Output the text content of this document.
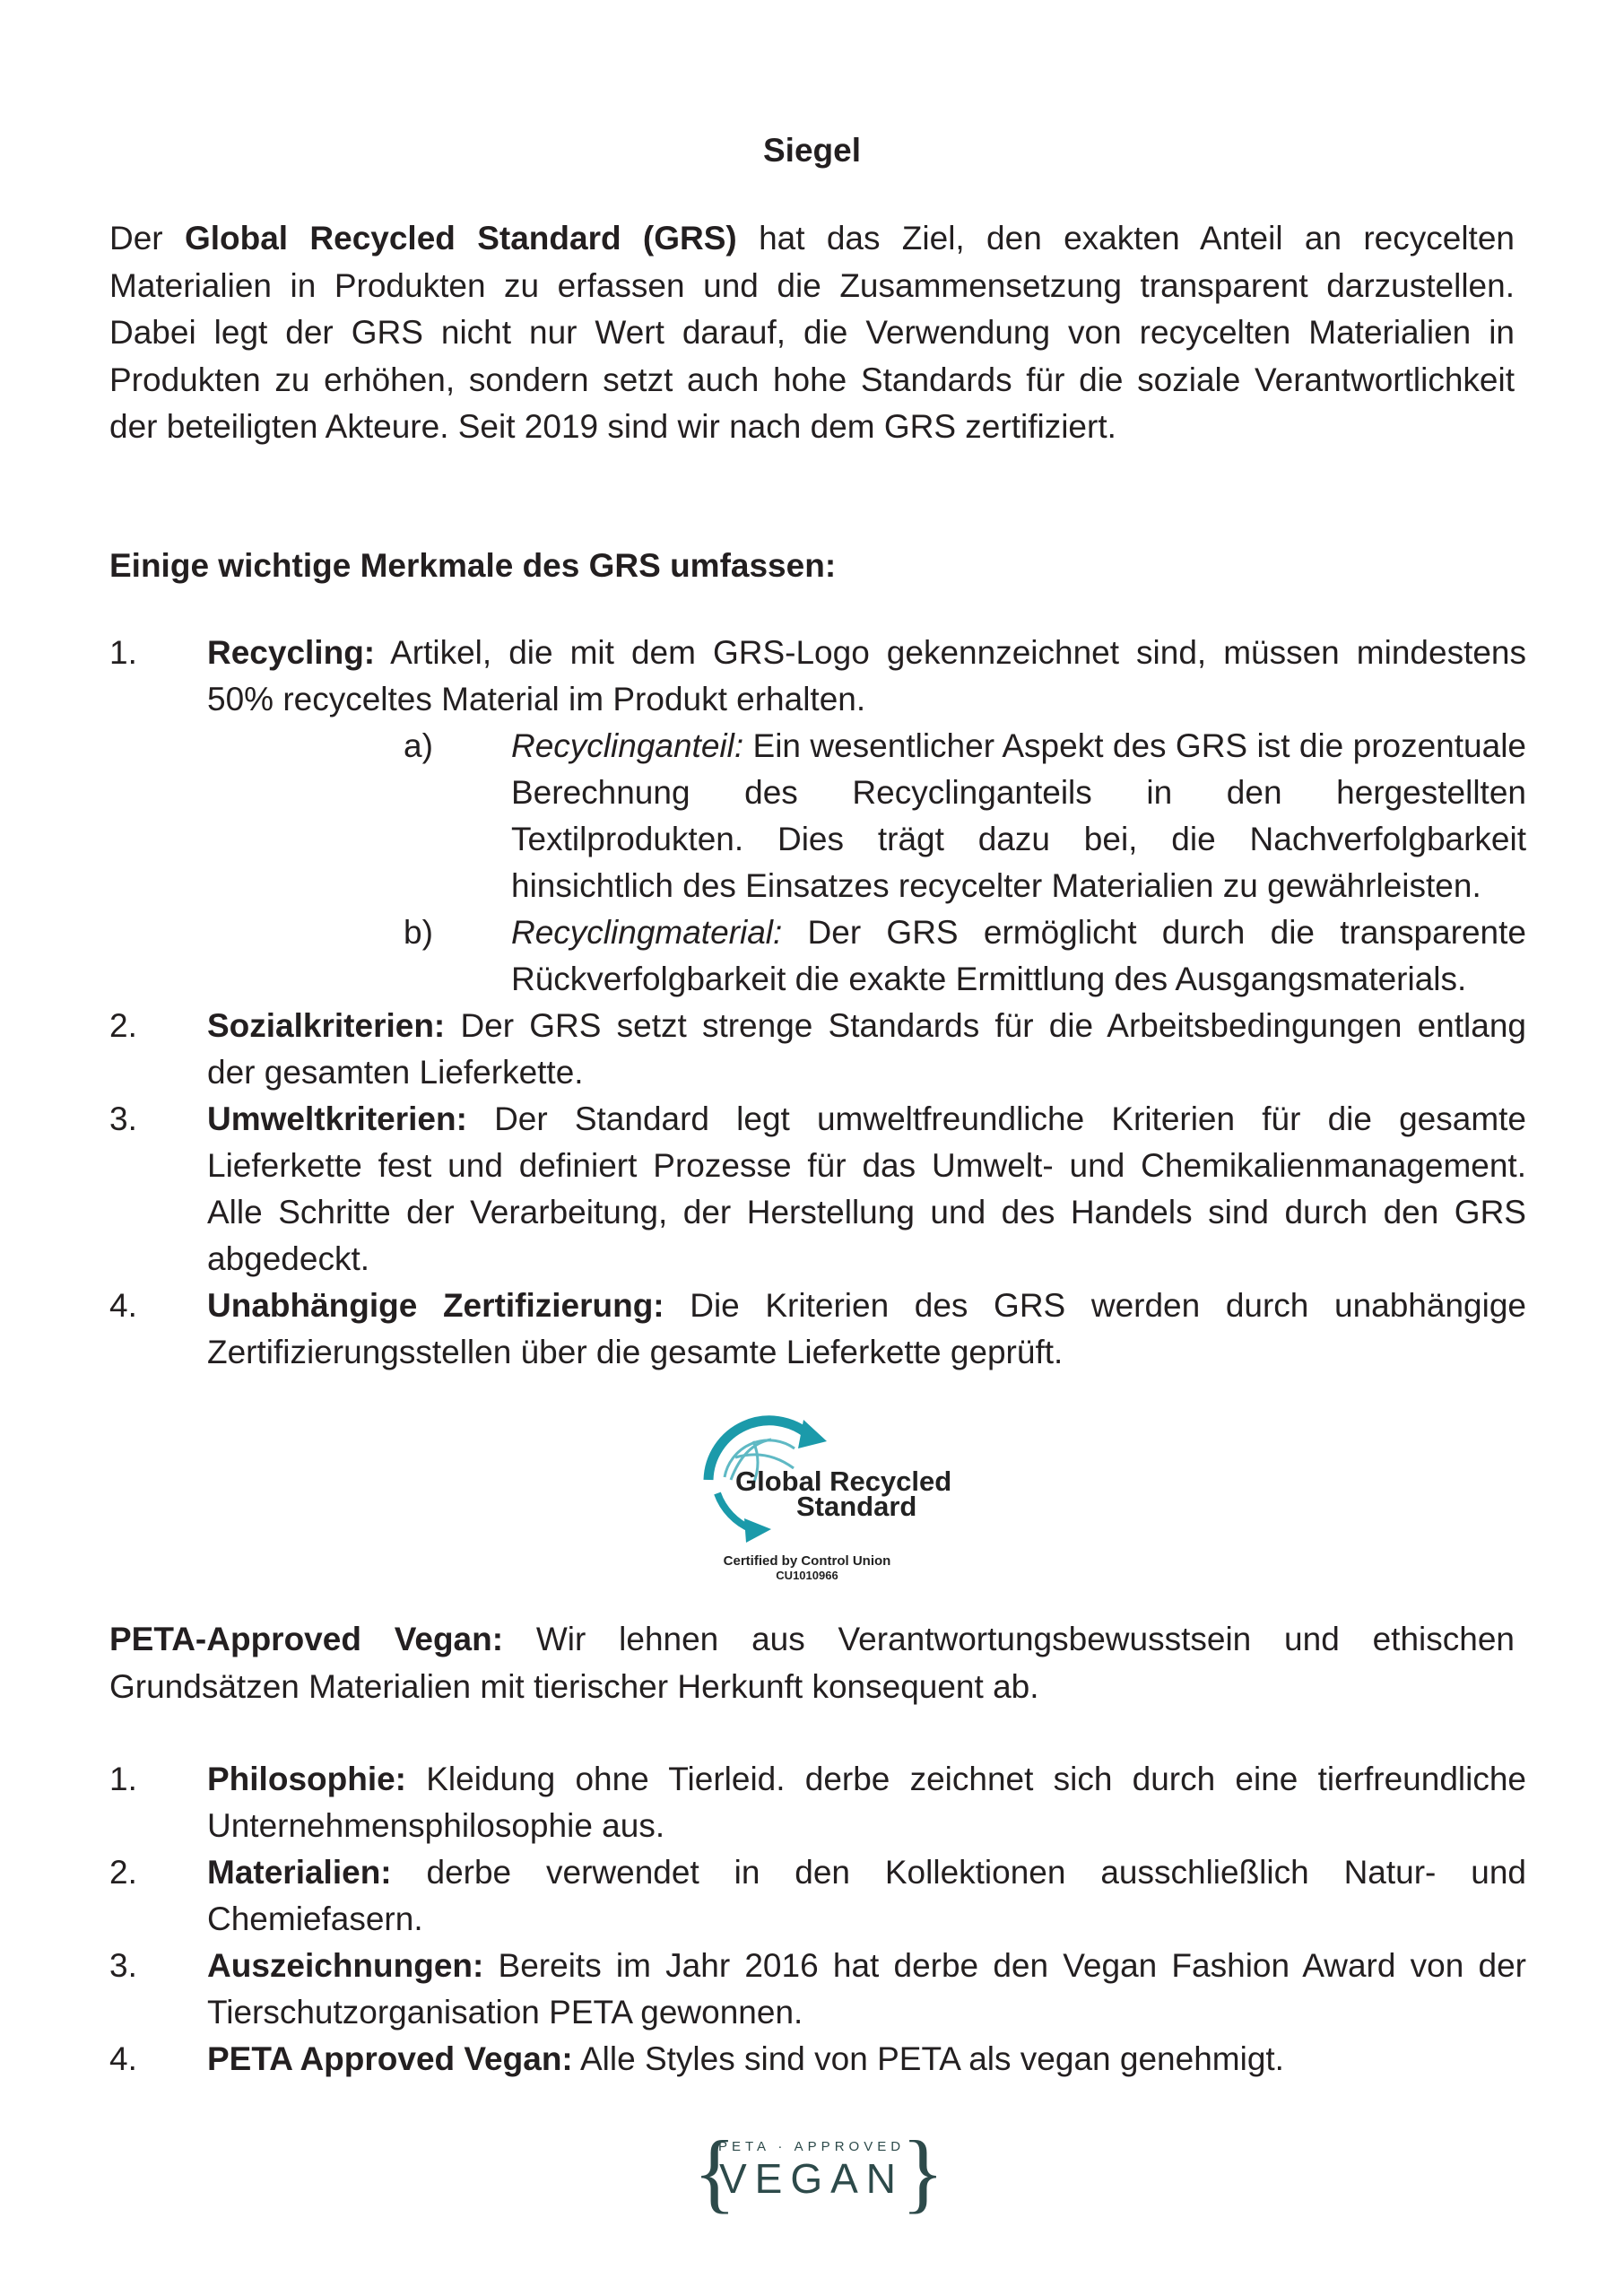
Siegel

Der Global Recycled Standard (GRS) hat das Ziel, den exakten Anteil an recycelten Materialien in Produkten zu erfassen und die Zusammensetzung transparent darzustellen. Dabei legt der GRS nicht nur Wert darauf, die Verwendung von recycelten Materialien in Produkten zu erhöhen, sondern setzt auch hohe Standards für die soziale Verantwortlichkeit der beteiligten Akteure. Seit 2019 sind wir nach dem GRS zertifiziert.

Einige wichtige Merkmale des GRS umfassen:
1. Recycling: Artikel, die mit dem GRS-Logo gekennzeichnet sind, müssen mindestens 50% recyceltes Material im Produkt erhalten.
a) Recyclinganteil: Ein wesentlicher Aspekt des GRS ist die prozentuale Berechnung des Recyclinganteils in den hergestellten Textilprodukten. Dies trägt dazu bei, die Nachverfolgbarkeit hinsichtlich des Einsatzes recycelter Materialien zu gewährleisten.
b) Recyclingmaterial: Der GRS ermöglicht durch die transparente Rückverfolgbarkeit die exakte Ermittlung des Ausgangsmaterials.
2. Sozialkriterien: Der GRS setzt strenge Standards für die Arbeitsbedingungen entlang der gesamten Lieferkette.
3. Umweltkriterien: Der Standard legt umweltfreundliche Kriterien für die gesamte Lieferkette fest und definiert Prozesse für das Umwelt- und Chemikalienmanagement. Alle Schritte der Verarbeitung, der Herstellung und des Handels sind durch den GRS abgedeckt.
4. Unabhängige Zertifizierung: Die Kriterien des GRS werden durch unabhängige Zertifizierungsstellen über die gesamte Lieferkette geprüft.
Global Recycled
Standard
Certified by Control Union
CU1010966

PETA-Approved Vegan: Wir lehnen aus Verantwortungsbewusstsein und ethischen Grundsätzen Materialien mit tierischer Herkunft konsequent ab.

1. Philosophie: Kleidung ohne Tierleid. derbe zeichnet sich durch eine tierfreundliche Unternehmensphilosophie aus.
2. Materialien: derbe verwendet in den Kollektionen ausschließlich Natur- und Chemiefasern.
3. Auszeichnungen: Bereits im Jahr 2016 hat derbe den Vegan Fashion Award von der Tierschutzorganisation PETA gewonnen.
4. PETA Approved Vegan: Alle Styles sind von PETA als vegan genehmigt.
{
PETA · APPROVED
VEGAN
}
